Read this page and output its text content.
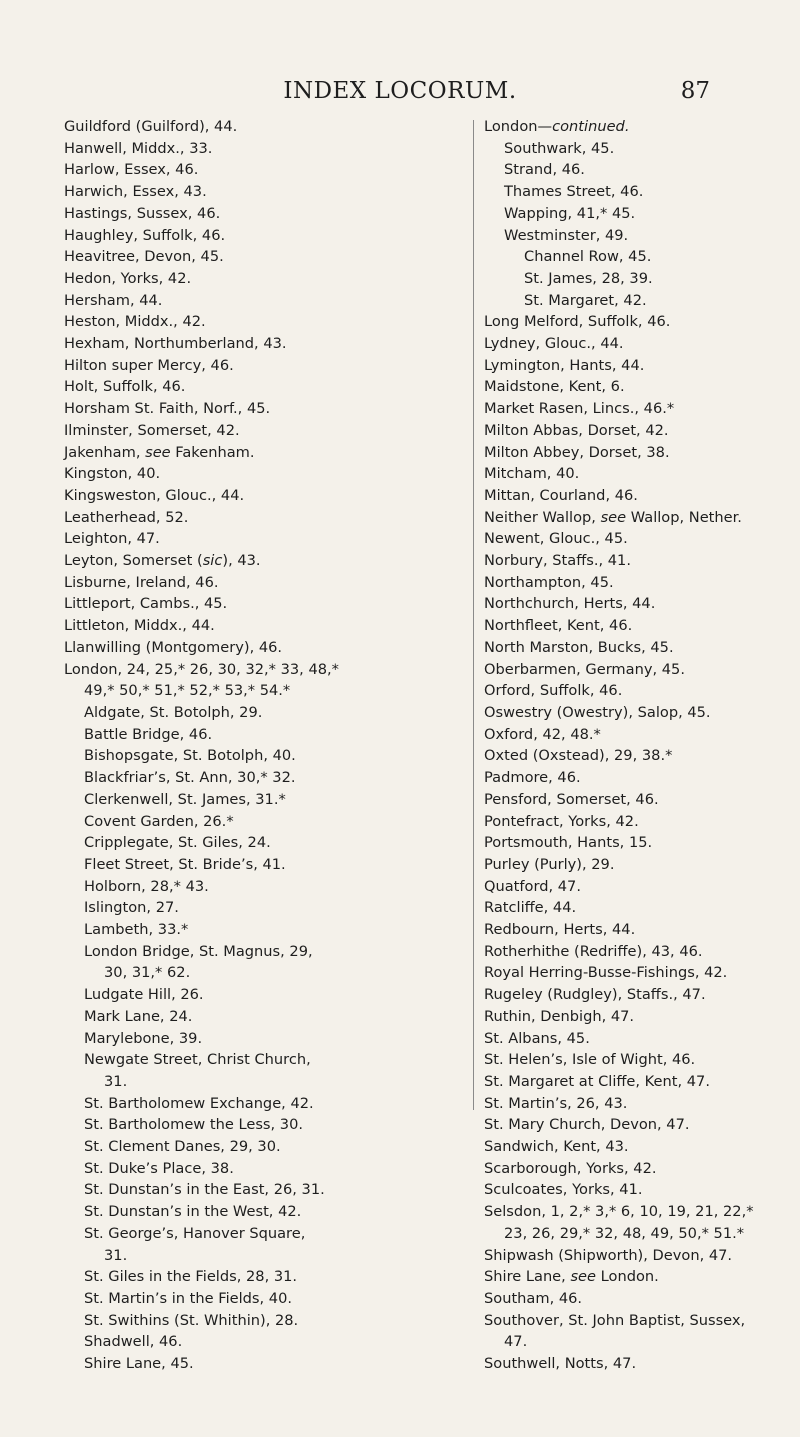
INDEX LOCORUM.	87
Guildford (Guilford), 44.
Hanwell, Middx., 33.
Harlow, Essex, 46.
Harwich, Essex, 43.
Hastings, Sussex, 46.
Haughley, Suffolk, 46.
Heavitree, Devon, 45.
Hedon, Yorks, 42.
Hersham, 44.
Heston, Middx., 42.
Hexham, Northumberland, 43.
Hilton super Mercy, 46.
Holt, Suffolk, 46.
Horsham St. Faith, Norf., 45.
Ilminster, Somerset, 42.
Jakenham, see Fakenham.
Kingston, 40.
Kingsweston, Glouc., 44.
Leatherhead, 52.
Leighton, 47.
Leyton, Somerset (sic), 43.
Lisburne, Ireland, 46.
Littleport, Cambs., 45.
Littleton, Middx., 44.
Llanwilling (Montgomery), 46.
London, 24, 25,* 26, 30, 32,* 33, 48,*
49,* 50,* 51,* 52,* 53,* 54.*
Aldgate, St. Botolph, 29.
Battle Bridge, 46.
Bishopsgate, St. Botolph, 40.
Blackfriar’s, St. Ann, 30,* 32.
Clerkenwell, St. James, 31.*
Covent Garden, 26.*
Cripplegate, St. Giles, 24.
Fleet Street, St. Bride’s, 41.
Holborn, 28,* 43.
Islington, 27.
Lambeth, 33.*
London Bridge, St. Magnus, 29,
30, 31,* 62.
Ludgate Hill, 26.
Mark Lane, 24.
Marylebone, 39.
Newgate Street, Christ Church,
31.
St. Bartholomew Exchange, 42.
St. Bartholomew the Less, 30.
St. Clement Danes, 29, 30.
St. Duke’s Place, 38.
St. Dunstan’s in the East, 26, 31.
St. Dunstan’s in the West, 42.
St. George’s, Hanover Square,
31.
St. Giles in the Fields, 28, 31.
St. Martin’s in the Fields, 40.
St. Swithins (St. Whithin), 28.
Shadwell, 46.
Shire Lane, 45.
London—continued.
Southwark, 45.
Strand, 46.
Thames Street, 46.
Wapping, 41,* 45.
Westminster, 49.
Channel Row, 45.
St. James, 28, 39.
St. Margaret, 42.
Long Melford, Suffolk, 46.
Lydney, Glouc., 44.
Lymington, Hants, 44.
Maidstone, Kent, 6.
Market Rasen, Lincs., 46.*
Milton Abbas, Dorset, 42.
Milton Abbey, Dorset, 38.
Mitcham, 40.
Mittan, Courland, 46.
Neither Wallop, see Wallop, Nether.
Newent, Glouc., 45.
Norbury, Staffs., 41.
Northampton, 45.
Northchurch, Herts, 44.
Northfleet, Kent, 46.
North Marston, Bucks, 45.
Oberbarmen, Germany, 45.
Orford, Suffolk, 46.
Oswestry (Owestry), Salop, 45.
Oxford, 42, 48.*
Oxted (Oxstead), 29, 38.*
Padmore, 46.
Pensford, Somerset, 46.
Pontefract, Yorks, 42.
Portsmouth, Hants, 15.
Purley (Purly), 29.
Quatford, 47.
Ratcliffe, 44.
Redbourn, Herts, 44.
Rotherhithe (Redriffe), 43, 46.
Royal Herring-Busse-Fishings, 42.
Rugeley (Rudgley), Staffs., 47.
Ruthin, Denbigh, 47.
St. Albans, 45.
St. Helen’s, Isle of Wight, 46.
St. Margaret at Cliffe, Kent, 47.
St. Martin’s, 26, 43.
St. Mary Church, Devon, 47.
Sandwich, Kent, 43.
Scarborough, Yorks, 42.
Sculcoates, Yorks, 41.
Selsdon, 1, 2,* 3,* 6, 10, 19, 21, 22,*
23, 26, 29,* 32, 48, 49, 50,* 51.*
Shipwash (Shipworth), Devon, 47.
Shire Lane, see London.
Southam, 46.
Southover, St. John Baptist, Sussex,
47.
Southwell, Notts, 47.
